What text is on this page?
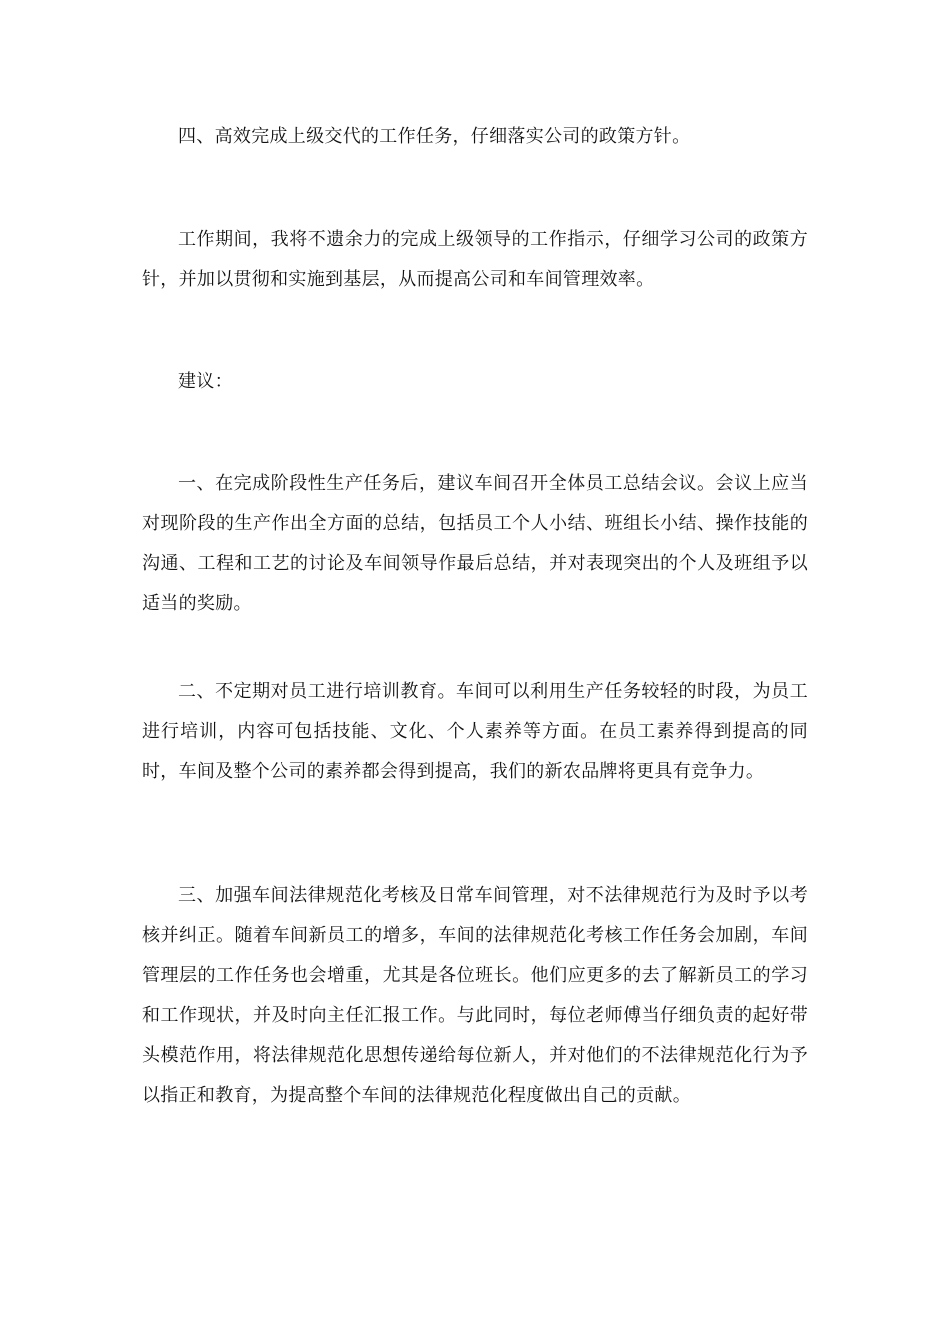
四、高效完成上级交代的工作任务，仔细落实公司的政策方针。

工作期间，我将不遗余力的完成上级领导的工作指示，仔细学习公司的政策方针，并加以贯彻和实施到基层，从而提高公司和车间管理效率。

建议：

一、在完成阶段性生产任务后，建议车间召开全体员工总结会议。会议上应当对现阶段的生产作出全方面的总结，包括员工个人小结、班组长小结、操作技能的沟通、工程和工艺的讨论及车间领导作最后总结，并对表现突出的个人及班组予以适当的奖励。

二、不定期对员工进行培训教育。车间可以利用生产任务较轻的时段，为员工进行培训，内容可包括技能、文化、个人素养等方面。在员工素养得到提高的同时，车间及整个公司的素养都会得到提高，我们的新农品牌将更具有竞争力。

三、加强车间法律规范化考核及日常车间管理，对不法律规范行为及时予以考核并纠正。随着车间新员工的增多，车间的法律规范化考核工作任务会加剧，车间管理层的工作任务也会增重，尤其是各位班长。他们应更多的去了解新员工的学习和工作现状，并及时向主任汇报工作。与此同时，每位老师傅当仔细负责的起好带头模范作用，将法律规范化思想传递给每位新人，并对他们的不法律规范化行为予以指正和教育，为提高整个车间的法律规范化程度做出自己的贡献。
